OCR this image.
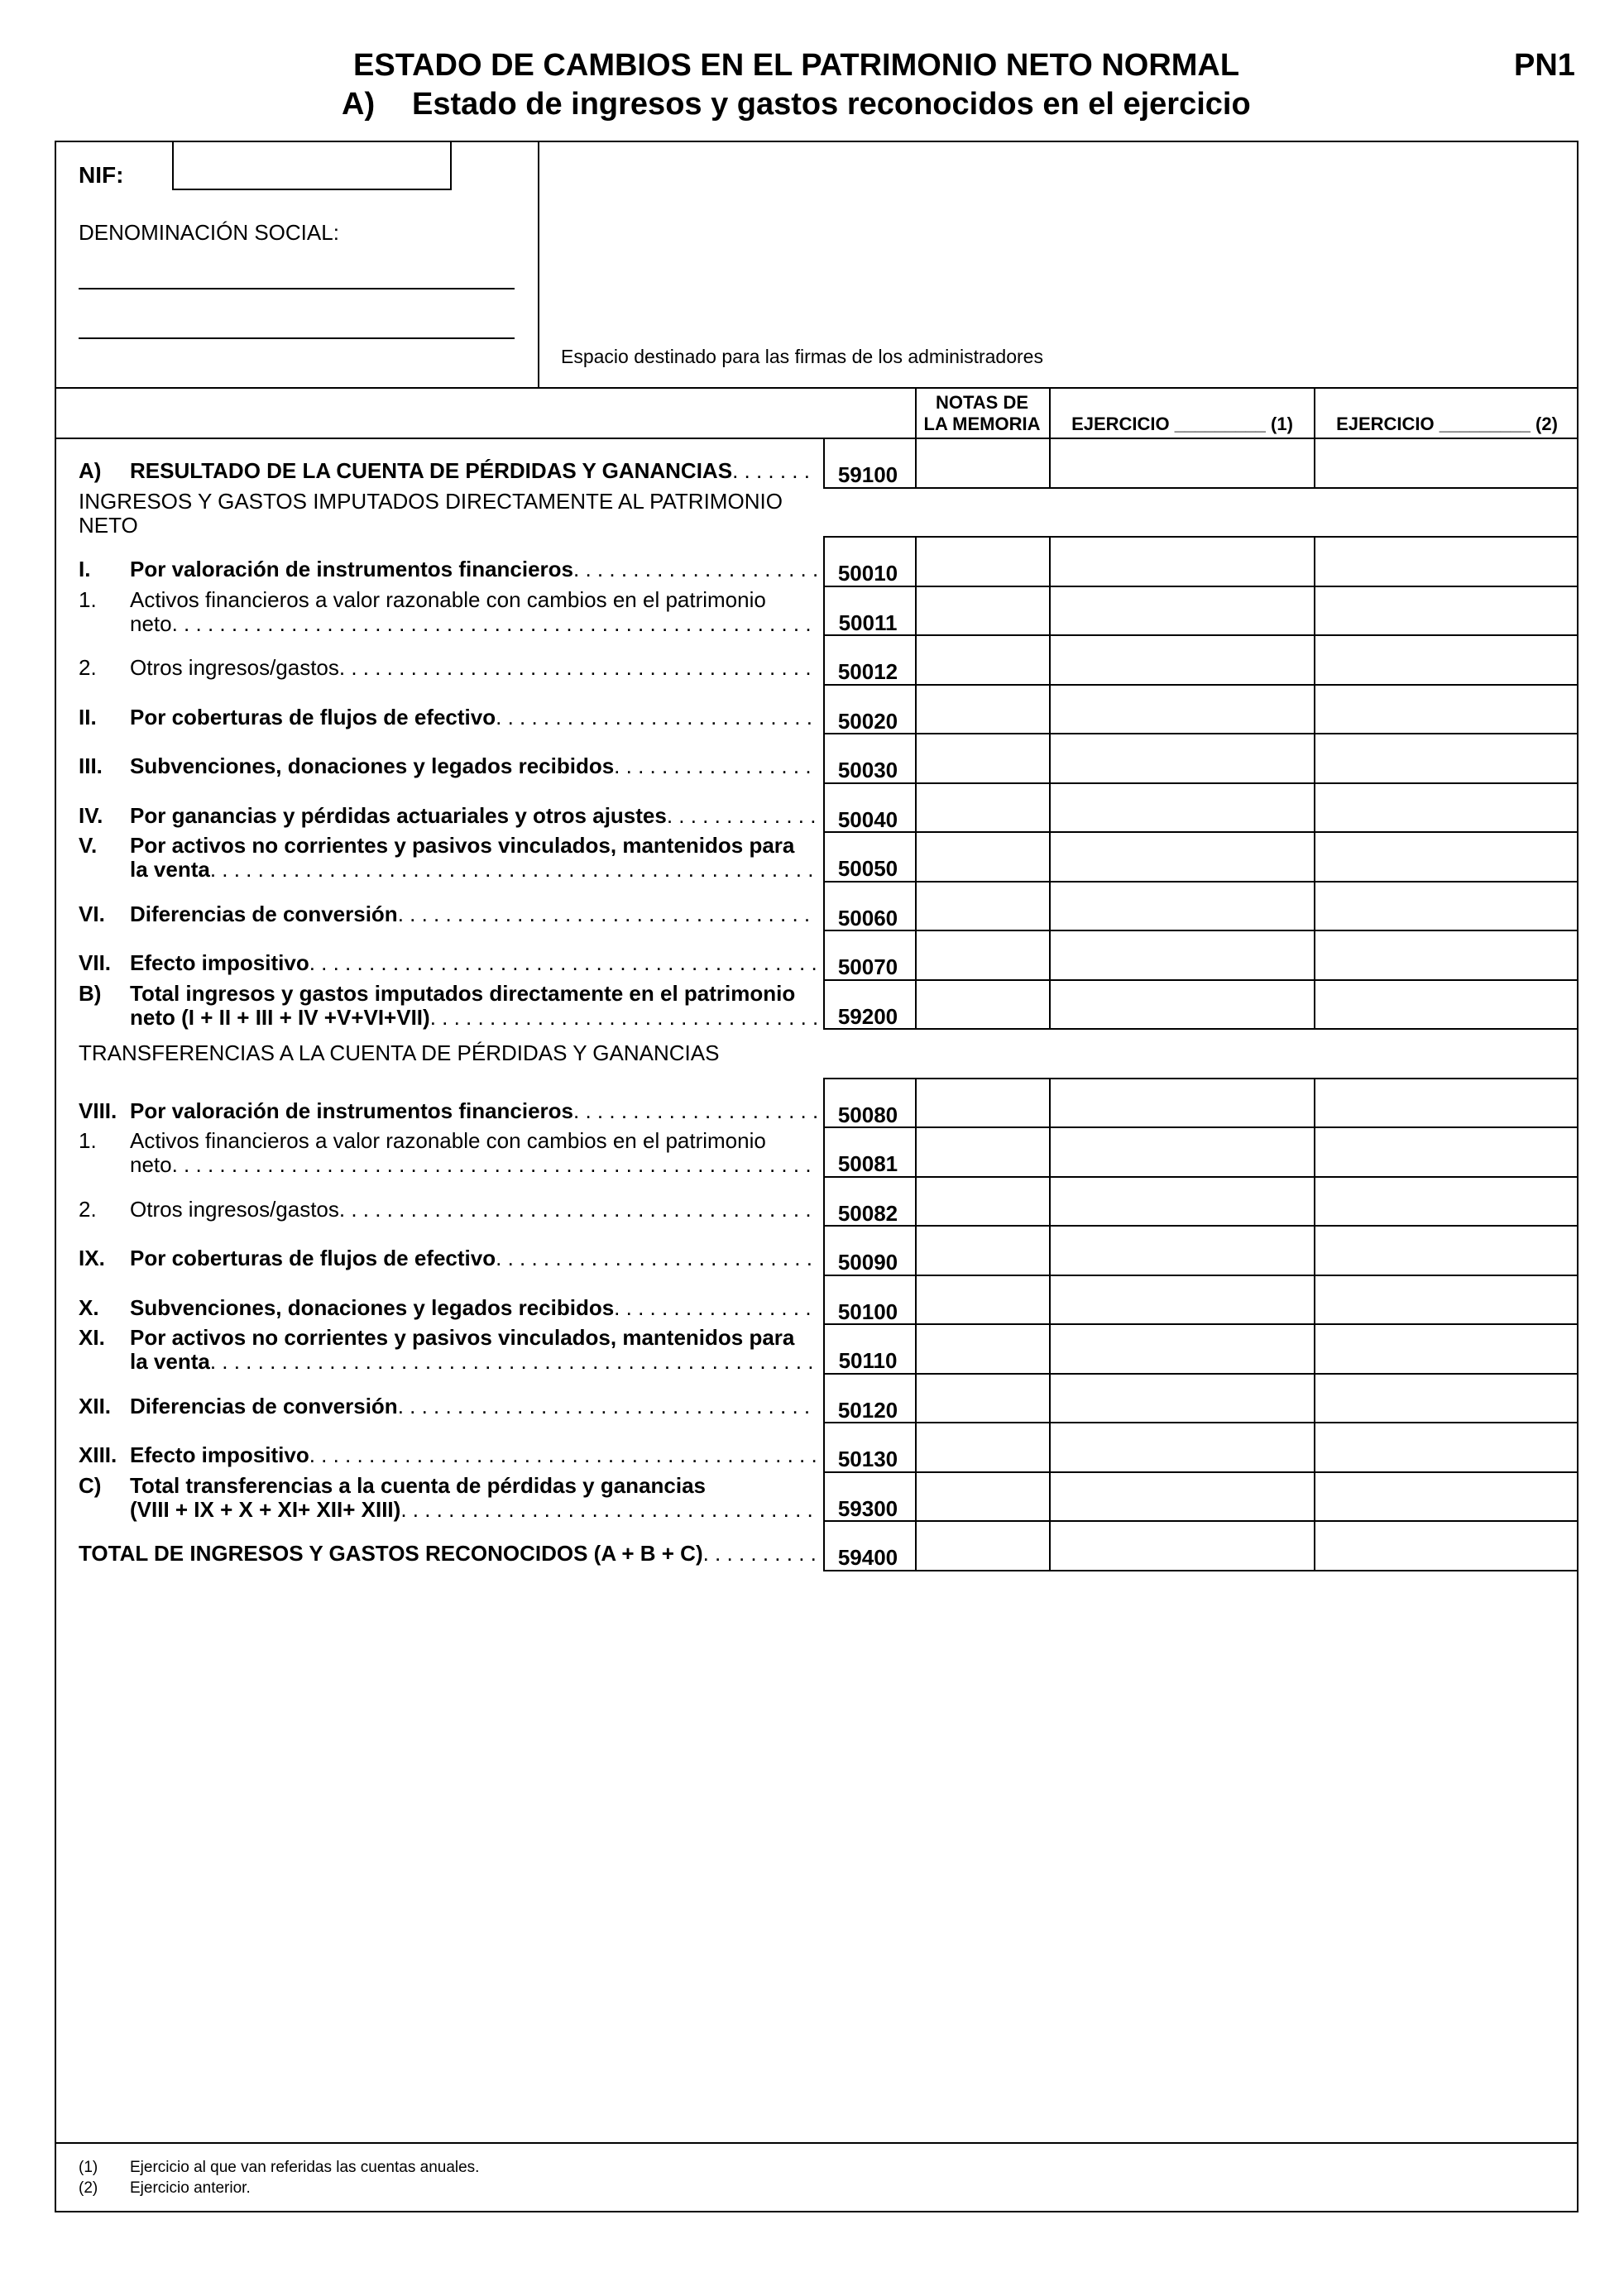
ESTADO DE CAMBIOS EN EL PATRIMONIO NETO NORMAL	PN1
A) Estado de ingresos y gastos reconocidos en el ejercicio
NIF:
DENOMINACIÓN SOCIAL:
Espacio destinado para las firmas de los administradores
NOTAS DE
LA MEMORIA	EJERCICIO _________ (1)	EJERCICIO _________ (2)
A)	RESULTADO DE LA CUENTA DE PÉRDIDAS Y GANANCIAS . . .	59100
INGRESOS Y GASTOS IMPUTADOS DIRECTAMENTE AL PATRIMONIO
NETO
I.	Por valoración de instrumentos financieros . . .	50010
1.	Activos financieros a valor razonable con cambios en el patrimonio
neto . . .	50011
2.	Otros ingresos/gastos . . .	50012
II.	Por coberturas de flujos de efectivo . . .	50020
III.	Subvenciones, donaciones y legados recibidos . . .	50030
IV.	Por ganancias y pérdidas actuariales y otros ajustes . . .	50040
V.	Por activos no corrientes y pasivos vinculados, mantenidos para
la venta . . .	50050
VI.	Diferencias de conversión . . .	50060
VII. Efecto impositivo . . .	50070
B)	Total ingresos y gastos imputados directamente en el patrimonio
neto (I + II + III + IV +V+VI+VII) . . .	59200
TRANSFERENCIAS A LA CUENTA DE PÉRDIDAS Y GANANCIAS
VIII. Por valoración de instrumentos financieros . . .	50080
1.	Activos financieros a valor razonable con cambios en el patrimonio
neto . . .	50081
2.	Otros ingresos/gastos . . .	50082
IX.	Por coberturas de flujos de efectivo . . .	50090
X.	Subvenciones, donaciones y legados recibidos . . .	50100
XI.	Por activos no corrientes y pasivos vinculados, mantenidos para
la venta . . .	50110
XII. Diferencias de conversión . . .	50120
XIII. Efecto impositivo . . .	50130
C)	Total transferencias a la cuenta de pérdidas y ganancias
(VIII + IX + X + XI+ XII+ XIII) . . .	59300
TOTAL DE INGRESOS Y GASTOS RECONOCIDOS (A + B + C) . . .	59400
(1) Ejercicio al que van referidas las cuentas anuales.
(2) Ejercicio anterior.
